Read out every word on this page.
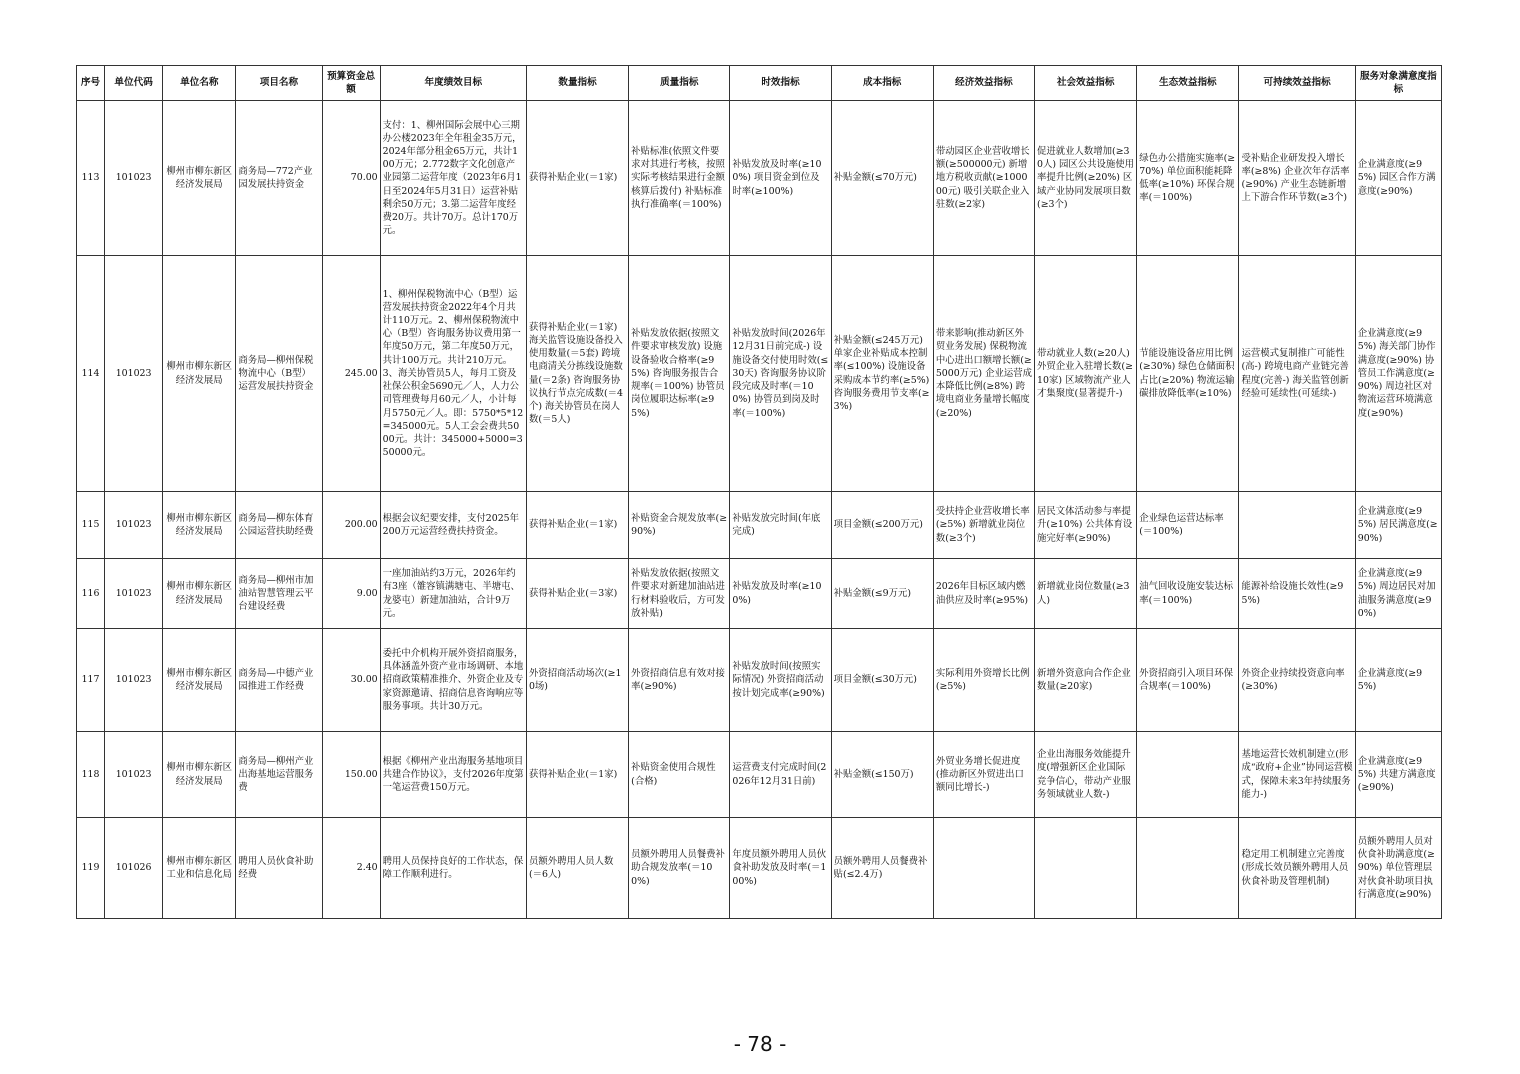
序号	单位代码	单位名称	项目名称	预算资金总额	年度绩效目标	数量指标	质量指标	时效指标	成本指标	经济效益指标	社会效益指标	生态效益指标	可持续效益指标	服务对象满意度指标
113	101023	柳州市柳东新区经济发展局	商务局—772产业园发展扶持资金	70.00	支付：1、柳州国际会展中心三期办公楼2023年全年租金35万元，2024年部分租金65万元，共计100万元；2.772数字文化创意产业园第二运营年度（2023年6月1日至2024年5月31日）运营补贴剩余50万元；3.第二运营年度经费20万。共计70万。总计170万元。	获得补贴企业(＝1家)	补贴标准(依照文件要求对其进行考核，按照实际考核结果进行金额核算后拨付) 补贴标准执行准确率(＝100%)	补贴发放及时率(≥100%) 项目资金到位及时率(≥100%)	补贴金额(≤70万元)	带动园区企业营收增长额(≥500000元) 新增地方税收贡献(≥100000元) 吸引关联企业入驻数(≥2家)	促进就业人数增加(≥30人) 园区公共设施使用率提升比例(≥20%) 区域产业协同发展项目数(≥3个)	绿色办公措施实施率(≥70%) 单位面积能耗降低率(≥10%) 环保合规率(＝100%)	受补贴企业研发投入增长率(≥8%) 企业次年存活率(≥90%) 产业生态链新增上下游合作环节数(≥3个)	企业满意度(≥95%) 园区合作方满意度(≥90%)
114	101023	柳州市柳东新区经济发展局	商务局—柳州保税物流中心（B型）运营发展扶持资金	245.00	1、柳州保税物流中心（B型）运营发展扶持资金2022年4个月共计110万元。2、柳州保税物流中心（B型）咨询服务协议费用第一年度50万元，第二年度50万元，共计100万元。共计210万元。3、海关协管员5人，每月工资及社保公积金5690元／人，人力公司管理费每月60元／人，小计每月5750元／人。即：5750*5*12=345000元。5人工会会费共5000元。共计：345000+5000=350000元。	获得补贴企业(＝1家) 海关监管设施设备投入使用数量(＝5套) 跨境电商清关分拣线设施数量(＝2条) 咨询服务协议执行节点完成数(＝4个) 海关协管员在岗人数(＝5人)	补贴发放依据(按照文件要求审核发放) 设施设备验收合格率(≥95%) 咨询服务报告合规率(＝100%) 协管员岗位履职达标率(≥95%)	补贴发放时间(2026年12月31日前完成-) 设施设备交付使用时效(≤30天) 咨询服务协议阶段完成及时率(＝100%) 协管员到岗及时率(＝100%)	补贴金额(≤245万元) 单家企业补贴成本控制率(≤100%) 设施设备采购成本节约率(≥5%) 咨询服务费用节支率(≥3%)	带来影响(推动新区外贸业务发展) 保税物流中心进出口额增长额(≥5000万元) 企业运营成本降低比例(≥8%) 跨境电商业务量增长幅度(≥20%)	带动就业人数(≥20人) 外贸企业入驻增长数(≥10家) 区域物流产业人才集聚度(显著提升-)	节能设施设备应用比例(≥30%) 绿色仓储面积占比(≥20%) 物流运输碳排放降低率(≥10%)	运营模式复制推广可能性(高-) 跨境电商产业链完善程度(完善-) 海关监管创新经验可延续性(可延续-)	企业满意度(≥95%) 海关部门协作满意度(≥90%) 协管员工作满意度(≥90%) 周边社区对物流运营环境满意度(≥90%)
115	101023	柳州市柳东新区经济发展局	商务局—柳东体育公园运营扶助经费	200.00	根据会议纪要安排，支付2025年200万元运营经费扶持资金。	获得补贴企业(＝1家)	补贴资金合规发放率(≥90%)	补贴发放完时间(年底完成)	项目金额(≤200万元)	受扶持企业营收增长率(≥5%) 新增就业岗位数(≥3个)	居民文体活动参与率提升(≥10%) 公共体育设施完好率(≥90%)	企业绿色运营达标率(＝100%)		企业满意度(≥95%) 居民满意度(≥90%)
116	101023	柳州市柳东新区经济发展局	商务局—柳州市加油站智慧管理云平台建设经费	9.00	一座加油站约3万元，2026年约有3座（雒容镇满塘屯、半塘屯、龙婆屯）新建加油站，合计9万元。	获得补贴企业(＝3家)	补贴发放依据(按照文件要求对新建加油站进行材料验收后，方可发放补贴)	补贴发放及时率(≥100%)	补贴金额(≤9万元)	2026年目标区域内燃油供应及时率(≥95%)	新增就业岗位数量(≥3人)	油气回收设施安装达标率(＝100%)	能源补给设施长效性(≥95%)	企业满意度(≥95%) 周边居民对加油服务满意度(≥90%)
117	101023	柳州市柳东新区经济发展局	商务局—中德产业园推进工作经费	30.00	委托中介机构开展外资招商服务，具体涵盖外资产业市场调研、本地招商政策精准推介、外资企业及专家资源邀请、招商信息咨询响应等服务事项。共计30万元。	外资招商活动场次(≥10场)	外资招商信息有效对接率(≥90%)	补贴发放时间(按照实际情况) 外资招商活动按计划完成率(≥90%)	项目金额(≤30万元)	实际利用外资增长比例(≥5%)	新增外资意向合作企业数量(≥20家)	外资招商引入项目环保合规率(＝100%)	外资企业持续投资意向率(≥30%)	企业满意度(≥95%)
118	101023	柳州市柳东新区经济发展局	商务局—柳州产业出海基地运营服务费	150.00	根据《柳州产业出海服务基地项目共建合作协议》，支付2026年度第一笔运营费150万元。	获得补贴企业(＝1家)	补贴资金使用合规性(合格)	运营费支付完成时间(2026年12月31日前)	补贴金额(≤150万)	外贸业务增长促进度(推动新区外贸进出口额同比增长-)	企业出海服务效能提升度(增强新区企业国际竞争信心，带动产业服务领域就业人数-)		基地运营长效机制建立(形成“政府+企业”协同运营模式，保障未来3年持续服务能力-)	企业满意度(≥95%) 共建方满意度(≥90%)
119	101026	柳州市柳东新区工业和信息化局	聘用人员伙食补助经费	2.40	聘用人员保持良好的工作状态，保障工作顺利进行。	员额外聘用人员人数(＝6人)	员额外聘用人员餐费补助合规发放率(＝100%)	年度员额外聘用人员伙食补助发放及时率(＝100%)	员额外聘用人员餐费补贴(≤2.4万)				稳定用工机制建立完善度(形成长效员额外聘用人员伙食补助及管理机制)	员额外聘用人员对伙食补助满意度(≥90%) 单位管理层对伙食补助项目执行满意度(≥90%)
- 78 -
